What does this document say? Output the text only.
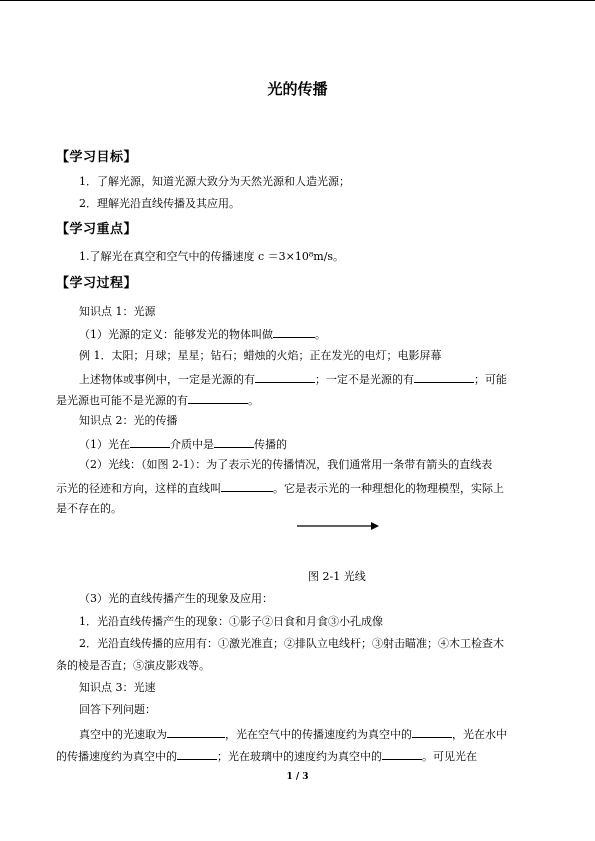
光的传播
【学习目标】
1．了解光源，知道光源大致分为天然光源和人造光源；
2．理解光沿直线传播及其应用。
【学习重点】
1.了解光在真空和空气中的传播速度 c ＝3×10⁸m/s。
【学习过程】
知识点 1：光源
（1）光源的定义：能够发光的物体叫做	。
例 1．太阳；月球；星星；钻石；蜡烛的火焰；正在发光的电灯；电影屏幕
上述物体或事例中，一定是光源的有	；一定不是光源的有	；可能
是光源也可能不是光源的有	。
知识点 2：光的传播
（1）光在	介质中是	传播的
（2）光线：（如图 2-1）：为了表示光的传播情况，我们通常用一条带有箭头的直线表
示光的径迹和方向，这样的直线叫	。它是表示光的一种理想化的物理模型，实际上
是不存在的。
图 2-1 光线
（3）光的直线传播产生的现象及应用：
1．光沿直线传播产生的现象：①影子②日食和月食③小孔成像
2．光沿直线传播的应用有：①激光准直；②排队立电线杆；③射击瞄准；④木工检查木
条的棱是否直；⑤演皮影戏等。
知识点 3：光速
回答下列问题：
真空中的光速取为	，光在空气中的传播速度约为真空中的	，光在水中
的传播速度约为真空中的	；光在玻璃中的速度约为真空中的	。可见光在
1 / 3
